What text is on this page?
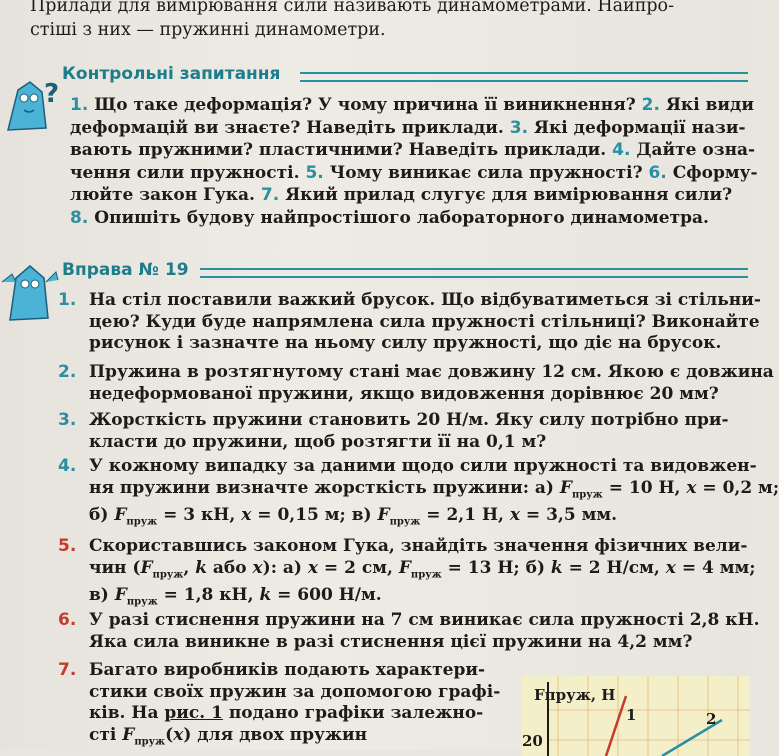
Прилади для вимірювання сили називають динамометрами. Найпро-
стіші з них — пружинні динамометри.
?
Контрольні запитання
1. Що таке деформація? У чому причина її виникнення? 2. Які види
деформацій ви знаєте? Наведіть приклади. 3. Які деформації нази-
вають пружними? пластичними? Наведіть приклади. 4. Дайте озна-
чення сили пружності. 5. Чому виникає сила пружності? 6. Сформу-
люйте закон Гука. 7. Який прилад слугує для вимірювання сили?
8. Опишіть будову найпростішого лабораторного динамометра.
Вправа № 19
1. На стіл поставили важкий брусок. Що відбуватиметься зі стільни-
цею? Куди буде напрямлена сила пружності стільниці? Виконайте
рисунок і зазначте на ньому силу пружності, що діє на брусок.
2. Пружина в розтягнутому стані має довжину 12 см. Якою є довжина
недеформованої пружини, якщо видовження дорівнює 20 мм?
3. Жорсткість пружини становить 20 Н/м. Яку силу потрібно при-
класти до пружини, щоб розтягти її на 0,1 м?
4. У кожному випадку за даними щодо сили пружності та видовжен-
ня пружини визначте жорсткість пружини: а) $F_{пруж} = 10$ Н, x = 0,2 м;
б) $F_{пруж} = 3$ кН, x = 0,15 м; в) $F_{пруж} = 2,1$ Н, x = 3,5 мм.
5. Скориставшись законом Гука, знайдіть значення фізичних вели-
чин ($F_{пруж}$, k або x): а) x = 2 см, $F_{пруж} = 13$ Н; б) k = 2 Н/см, x = 4 мм;
в) $F_{пруж} = 1,8$ кН, k = 600 Н/м.
6. У разі стиснення пружини на 7 см виникає сила пружності 2,8 кН.
Яка сила виникне в разі стиснення цієї пружини на 4,2 мм?
7. Багато виробників подають характери-
стики своїх пружин за допомогою графі-
ків. На рис. 1 подано графіки залежно-
сті $F_{пруж}(x)$ для двох пружин
Fпруж, Н
20
1	2
